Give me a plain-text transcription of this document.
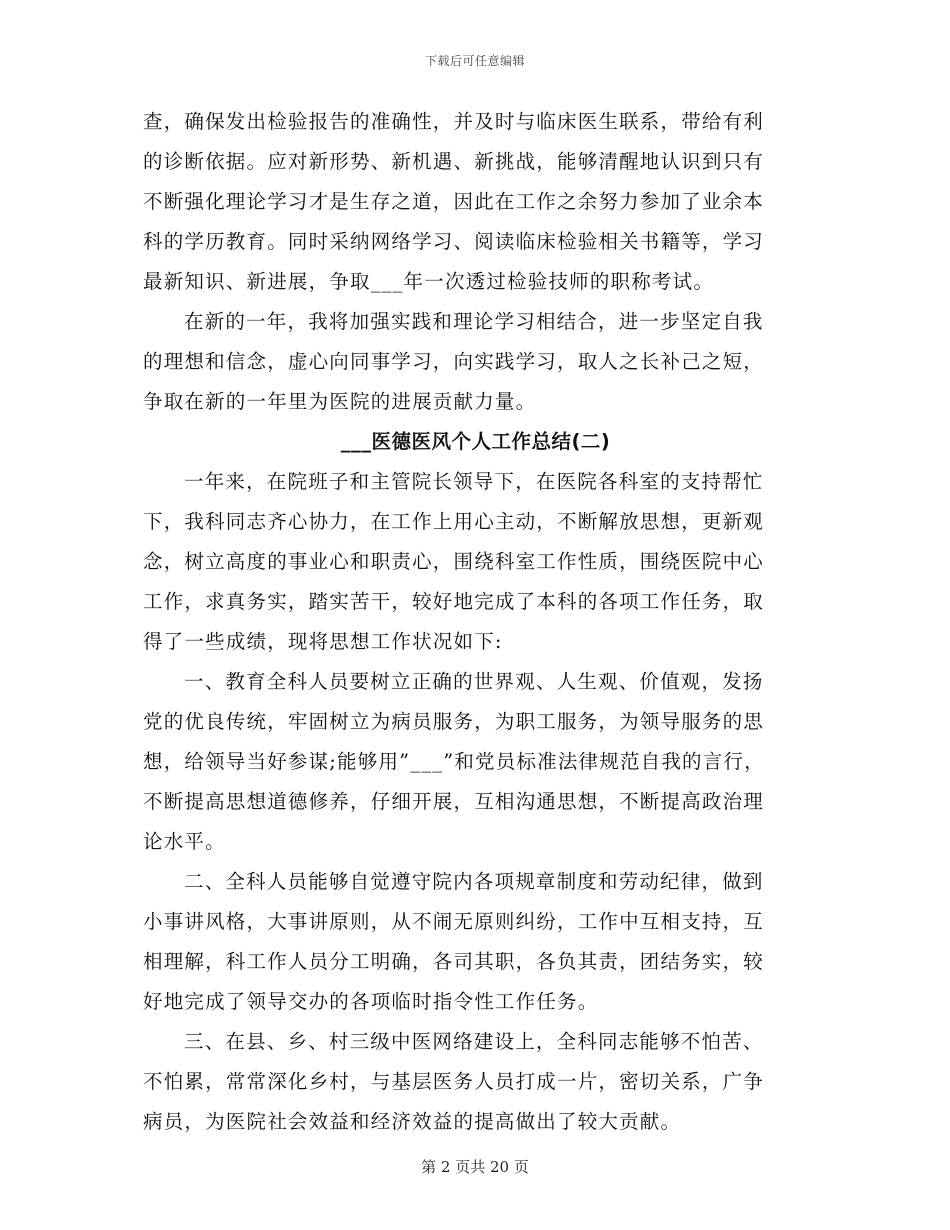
下载后可任意编辑
查，确保发出检验报告的准确性，并及时与临床医生联系，带给有利
的诊断依据。应对新形势、新机遇、新挑战，能够清醒地认识到只有
不断强化理论学习才是生存之道，因此在工作之余努力参加了业余本
科的学历教育。同时采纳网络学习、阅读临床检验相关书籍等，学习
最新知识、新进展，争取___年一次透过检验技师的职称考试。
在新的一年，我将加强实践和理论学习相结合，进一步坚定自我
的理想和信念，虚心向同事学习，向实践学习，取人之长补己之短，
争取在新的一年里为医院的进展贡献力量。
___医德医风个人工作总结(二)
一年来，在院班子和主管院长领导下，在医院各科室的支持帮忙
下，我科同志齐心协力，在工作上用心主动，不断解放思想，更新观
念，树立高度的事业心和职责心，围绕科室工作性质，围绕医院中心
工作，求真务实，踏实苦干，较好地完成了本科的各项工作任务，取
得了一些成绩，现将思想工作状况如下:
一、教育全科人员要树立正确的世界观、人生观、价值观，发扬
党的优良传统，牢固树立为病员服务，为职工服务，为领导服务的思
想，给领导当好参谋;能够用”___”和党员标准法律规范自我的言行，
不断提高思想道德修养，仔细开展，互相沟通思想，不断提高政治理
论水平。
二、全科人员能够自觉遵守院内各项规章制度和劳动纪律，做到
小事讲风格，大事讲原则，从不闹无原则纠纷，工作中互相支持，互
相理解，科工作人员分工明确，各司其职，各负其责，团结务实，较
好地完成了领导交办的各项临时指令性工作任务。
三、在县、乡、村三级中医网络建设上，全科同志能够不怕苦、
不怕累，常常深化乡村，与基层医务人员打成一片，密切关系，广争
病员，为医院社会效益和经济效益的提高做出了较大贡献。
第 2 页共 20 页
